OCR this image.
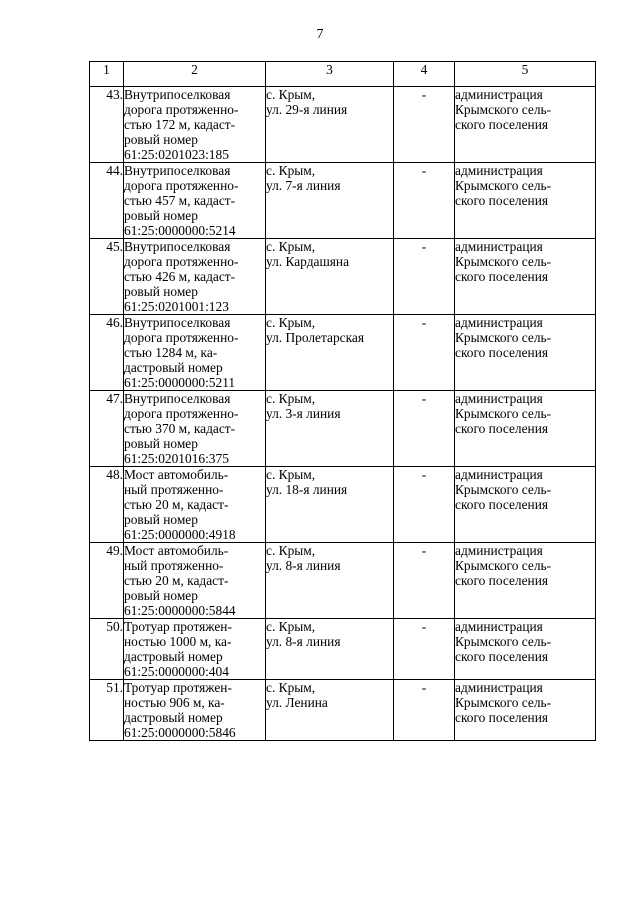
7
1	2	3	4	5
43.	Внутрипоселковая
дорога протяженно-
стью 172 м, кадаст-
ровый номер
61:25:0201023:185	с. Крым,
ул. 29-я линия	-	администрация
Крымского сель-
ского поселения

44.	Внутрипоселковая
дорога протяженно-
стью 457 м, кадаст-
ровый номер
61:25:0000000:5214	с. Крым,
ул. 7-я линия	-	администрация
Крымского сель-
ского поселения

45.	Внутрипоселковая
дорога протяженно-
стью 426 м, кадаст-
ровый номер
61:25:0201001:123	с. Крым,
ул. Кардашяна	-	администрация
Крымского сель-
ского поселения

46.	Внутрипоселковая
дорога протяженно-
стью 1284 м, ка-
дастровый номер
61:25:0000000:5211	с. Крым,
ул. Пролетарская	-	администрация
Крымского сель-
ского поселения

47.	Внутрипоселковая
дорога протяженно-
стью 370 м, кадаст-
ровый номер
61:25:0201016:375	с. Крым,
ул. 3-я линия	-	администрация
Крымского сель-
ского поселения

48.	Мост автомобиль-
ный протяженно-
стью 20 м, кадаст-
ровый номер
61:25:0000000:4918	с. Крым,
ул. 18-я линия	-	администрация
Крымского сель-
ского поселения

49.	Мост автомобиль-
ный протяженно-
стью 20 м, кадаст-
ровый номер
61:25:0000000:5844	с. Крым,
ул. 8-я линия	-	администрация
Крымского сель-
ского поселения

50.	Тротуар протяжен-
ностью 1000 м, ка-
дастровый номер
61:25:0000000:404	с. Крым,
ул. 8-я линия	-	администрация
Крымского сель-
ского поселения

51.	Тротуар протяжен-
ностью 906 м, ка-
дастровый номер
61:25:0000000:5846	с. Крым,
ул. Ленина	-	администрация
Крымского сель-
ского поселения
